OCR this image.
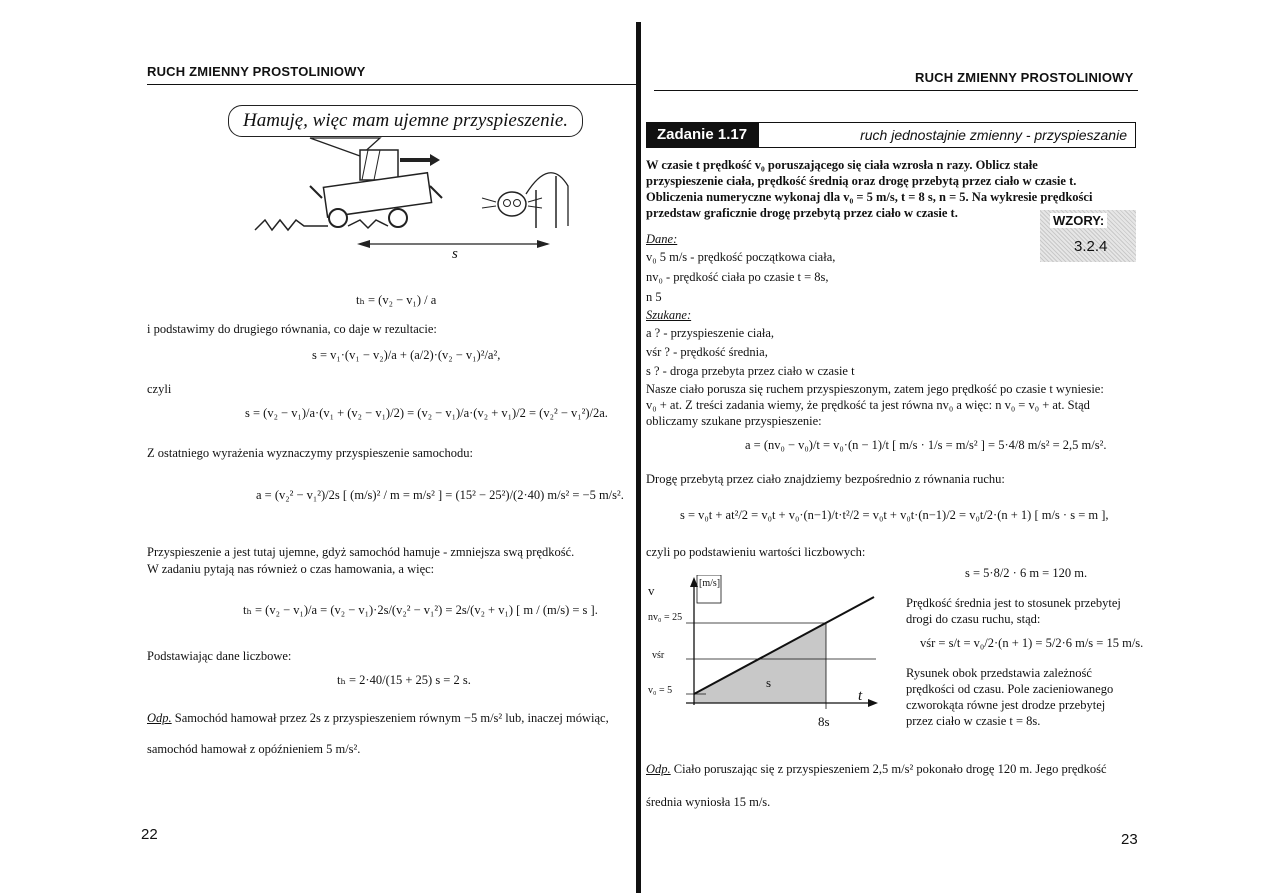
RUCH ZMIENNY PROSTOLINIOWY
Hamuję, więc mam ujemne przyspieszenie.
s
tₕ = (v₂ − v₁) / a
i podstawimy do drugiego równania, co daje w rezultacie:
s = v₁·(v₁ − v₂)/a + (a/2)·(v₂ − v₁)²/a²,
czyli
s = (v₂ − v₁)/a·(v₁ + (v₂ − v₁)/2) = (v₂ − v₁)/a·(v₂ + v₁)/2 = (v₂² − v₁²)/2a.
Z ostatniego wyrażenia wyznaczymy przyspieszenie samochodu:
a = (v₂² − v₁²)/2s [ (m/s)² / m = m/s² ] = (15² − 25²)/(2·40) m/s² = −5 m/s².
Przyspieszenie a jest tutaj ujemne, gdyż samochód hamuje - zmniejsza swą prędkość.
W zadaniu pytają nas również o czas hamowania, a więc:
tₕ = (v₂ − v₁)/a = (v₂ − v₁)·2s/(v₂² − v₁²) = 2s/(v₂ + v₁) [ m / (m/s) = s ].
Podstawiając dane liczbowe:
tₕ = 2·40/(15 + 25) s = 2 s.
Odp. Samochód hamował przez 2s z przyspieszeniem równym −5 m/s² lub, inaczej mówiąc,
samochód hamował z opóźnieniem 5 m/s².
22
RUCH ZMIENNY PROSTOLINIOWY
Zadanie 1.17	ruch jednostajnie zmienny - przyspieszanie
W czasie t prędkość v₀ poruszającego się ciała wzrosła n razy. Oblicz stałe
przyspieszenie ciała, prędkość średnią oraz drogę przebytą przez ciało w czasie t.
Obliczenia numeryczne wykonaj dla v₀ = 5 m/s, t = 8 s, n = 5. Na wykresie prędkości
przedstaw graficznie drogę przebytą przez ciało w czasie t.	WZORY:
3.2.4
Dane:
v₀ 5 m/s - prędkość początkowa ciała,
nv₀ - prędkość ciała po czasie t = 8s,
n 5
Szukane:
a ? - przyspieszenie ciała,
vśr ? - prędkość średnia,
s ? - droga przebyta przez ciało w czasie t
Nasze ciało porusza się ruchem przyspieszonym, zatem jego prędkość po czasie t wyniesie:
v₀ + at. Z treści zadania wiemy, że prędkość ta jest równa nv₀ a więc: n v₀ = v₀ + at. Stąd
obliczamy szukane przyspieszenie:
a = (nv₀ − v₀)/t = v₀·(n − 1)/t [ m/s · 1/s = m/s² ] = 5·4/8 m/s² = 2,5 m/s².
Drogę przebytą przez ciało znajdziemy bezpośrednio z równania ruchu:
s = v₀t + at²/2 = v₀t + v₀·(n−1)/t·t²/2 = v₀t + v₀t·(n−1)/2 = v₀t/2·(n + 1) [ m/s · s = m ],
czyli po podstawieniu wartości liczbowych:
s = 5·8/2 · 6 m = 120 m.
v	[m/s]
nv₀ = 25
vśr
v₀ = 5
s
t
8s
Prędkość średnia jest to stosunek przebytej
drogi do czasu ruchu, stąd:
vśr = s/t = v₀/2·(n + 1) = 5/2·6 m/s = 15 m/s.
Rysunek obok przedstawia zależność
prędkości od czasu. Pole zacieniowanego
czworokąta równe jest drodze przebytej
przez ciało w czasie t = 8s.
Odp. Ciało poruszając się z przyspieszeniem 2,5 m/s² pokonało drogę 120 m. Jego prędkość
średnia wyniosła 15 m/s.
23
